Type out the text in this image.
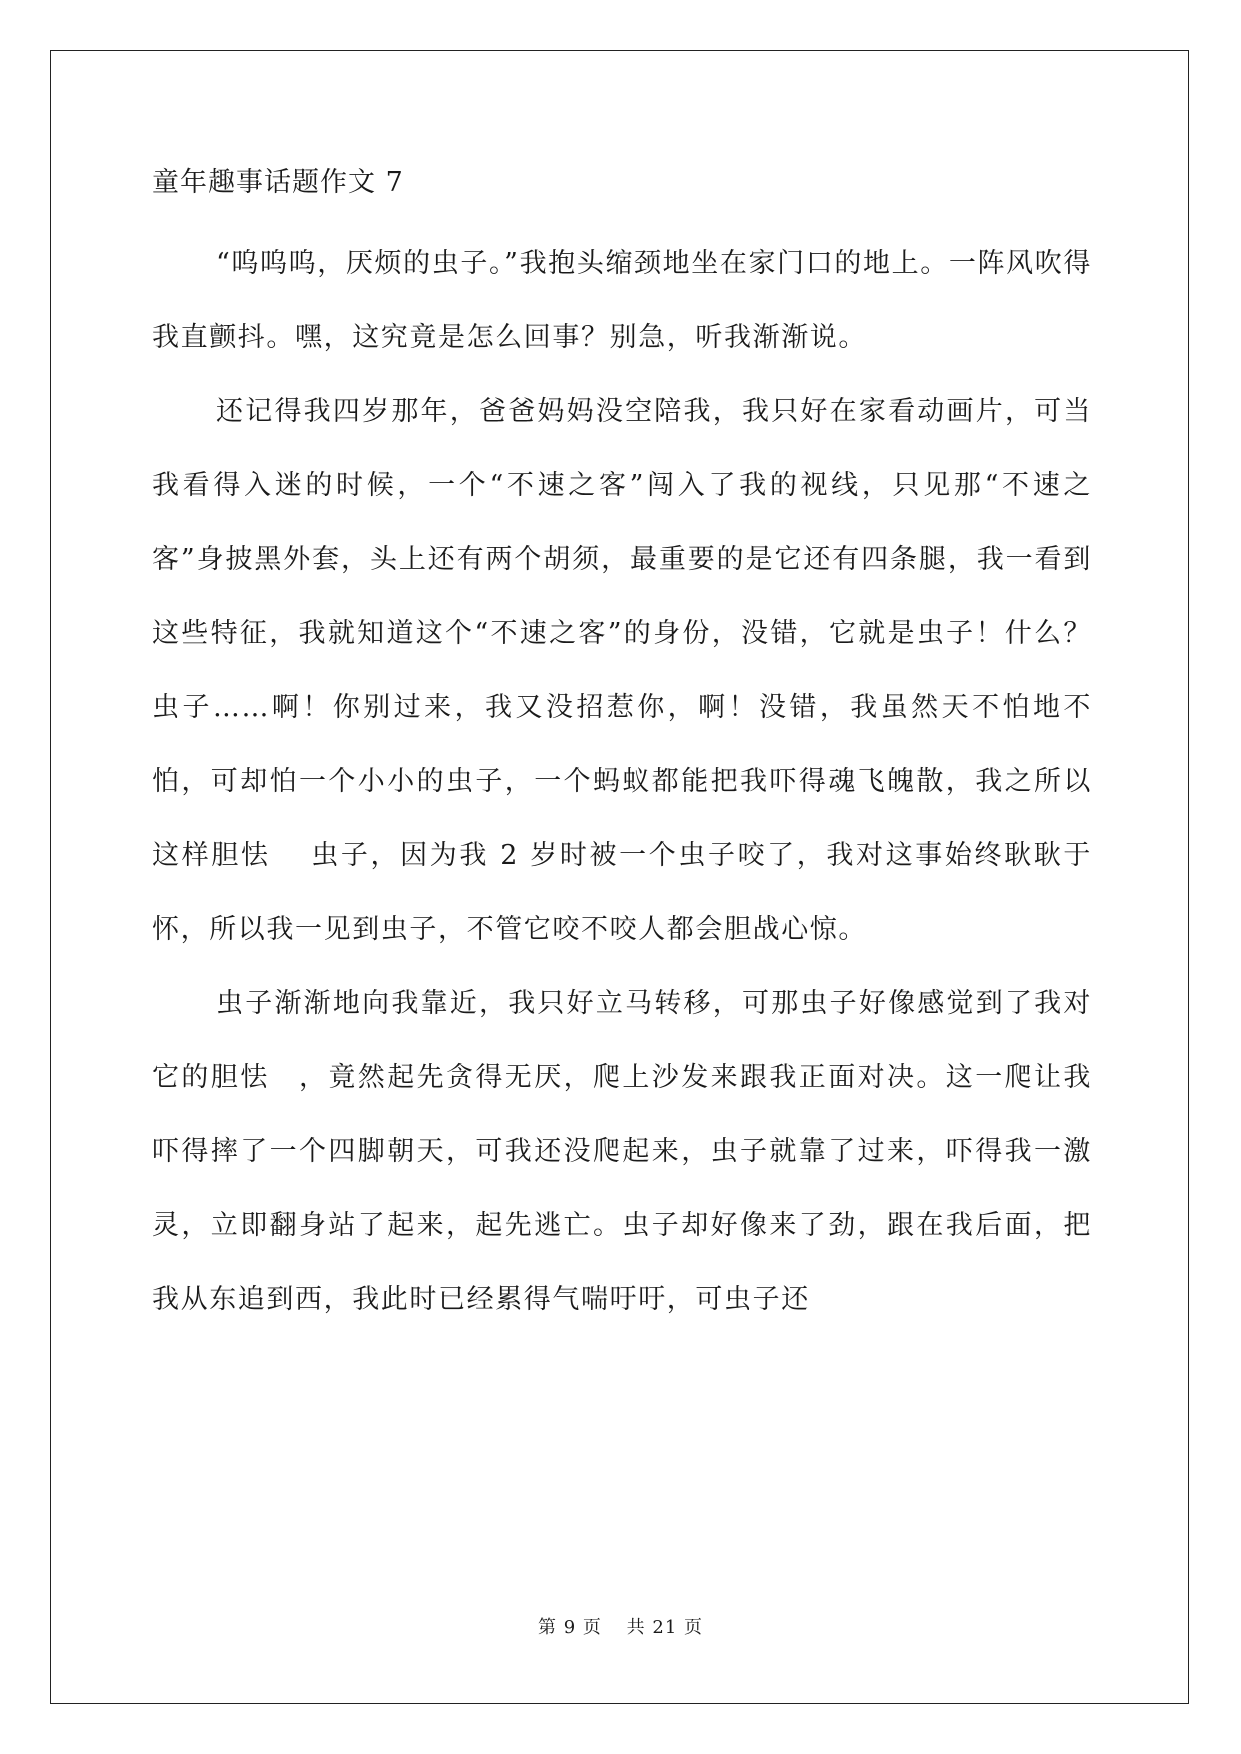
童年趣事话题作文 7

“呜呜呜，厌烦的虫子。”我抱头缩颈地坐在家门口的地上。一阵风吹得我直颤抖。嘿，这究竟是怎么回事？别急，听我渐渐说。

还记得我四岁那年，爸爸妈妈没空陪我，我只好在家看动画片，可当我看得入迷的时候，一个“不速之客”闯入了我的视线，只见那“不速之客”身披黑外套，头上还有两个胡须，最重要的是它还有四条腿，我一看到这些特征，我就知道这个“不速之客”的身份，没错，它就是虫子！什么？虫子……啊！你别过来，我又没招惹你，啊！没错，我虽然天不怕地不怕，可却怕一个小小的虫子，一个蚂蚁都能把我吓得魂飞魄散，我之所以这样胆怯　 虫子，因为我 2 岁时被一个虫子咬了，我对这事始终耿耿于怀，所以我一见到虫子，不管它咬不咬人都会胆战心惊。

虫子渐渐地向我靠近，我只好立马转移，可那虫子好像感觉到了我对它的胆怯　，竟然起先贪得无厌，爬上沙发来跟我正面对决。这一爬让我吓得摔了一个四脚朝天，可我还没爬起来，虫子就靠了过来，吓得我一激灵，立即翻身站了起来，起先逃亡。虫子却好像来了劲，跟在我后面，把我从东追到西，我此时已经累得气喘吁吁，可虫子还

第 9 页 共 21 页
